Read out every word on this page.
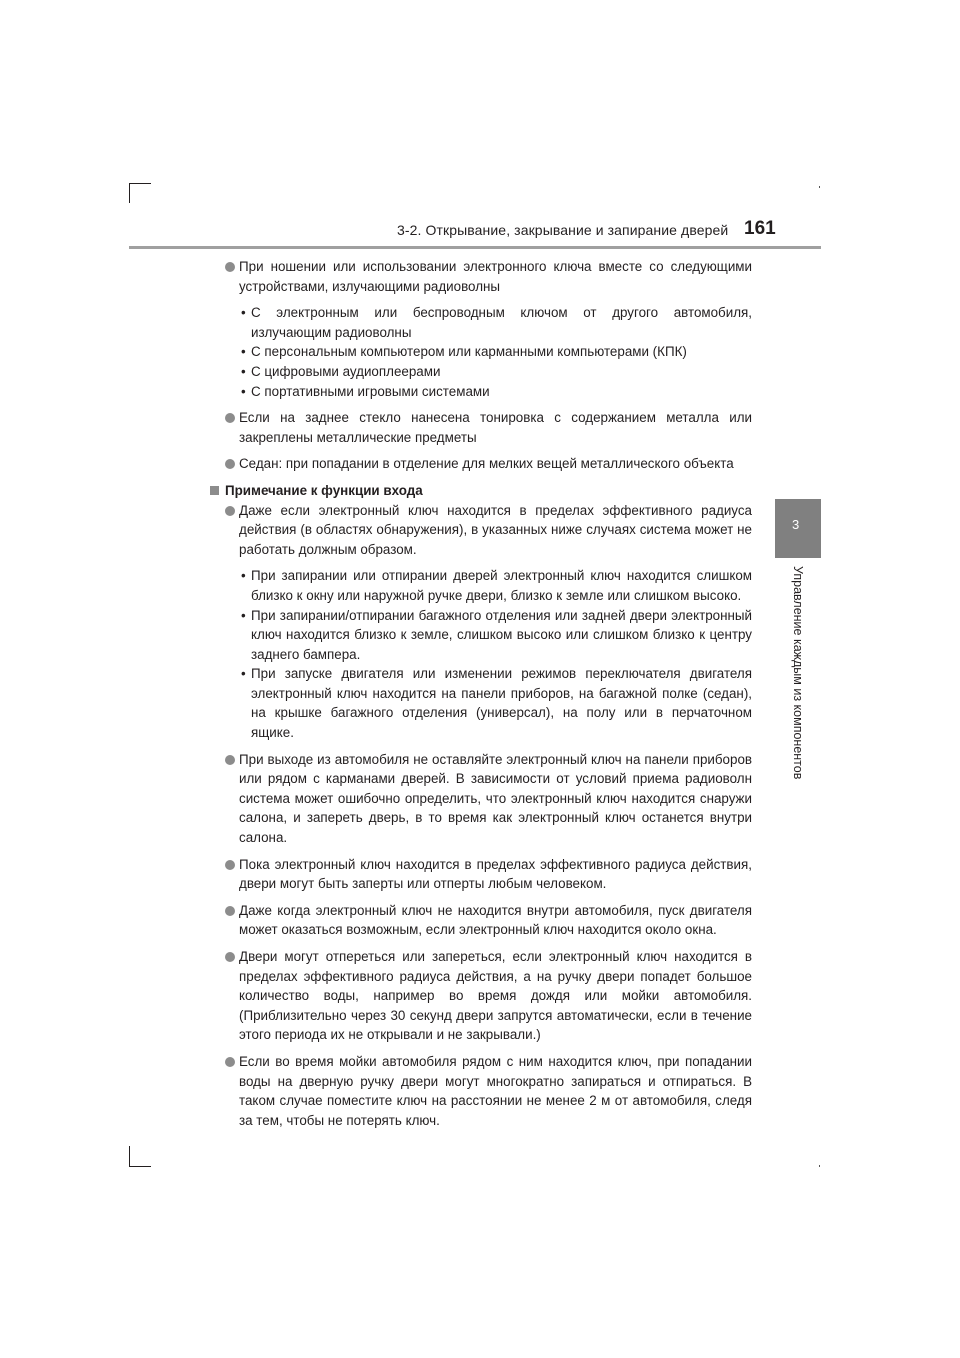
3-2. Открывание, закрывание и запирание дверей 161
3
Управление каждым из компонентов
При ношении или использовании электронного ключа вместе со следующими устройствами, излучающими радиоволны
• С электронным или беспроводным ключом от другого автомобиля, излучающим радиоволны
• С персональным компьютером или карманными компьютерами (КПК)
• С цифровыми аудиоплеерами
• С портативными игровыми системами
Если на заднее стекло нанесена тонировка с содержанием металла или закреплены металлические предметы
Седан: при попадании в отделение для мелких вещей металлического объекта
Примечание к функции входа
Даже если электронный ключ находится в пределах эффективного радиуса действия (в областях обнаружения), в указанных ниже случаях система может не работать должным образом.
• При запирании или отпирании дверей электронный ключ находится слишком близко к окну или наружной ручке двери, близко к земле или слишком высоко.
• При запирании/отпирании багажного отделения или задней двери электронный ключ находится близко к земле, слишком высоко или слишком близко к центру заднего бампера.
• При запуске двигателя или изменении режимов переключателя двигателя электронный ключ находится на панели приборов, на багажной полке (седан), на крышке багажного отделения (универсал), на полу или в перчаточном ящике.
При выходе из автомобиля не оставляйте электронный ключ на панели приборов или рядом с карманами дверей. В зависимости от условий приема радиоволн система может ошибочно определить, что электронный ключ находится снаружи салона, и запереть дверь, в то время как электронный ключ останется внутри салона.
Пока электронный ключ находится в пределах эффективного радиуса действия, двери могут быть заперты или отперты любым человеком.
Даже когда электронный ключ не находится внутри автомобиля, пуск двигателя может оказаться возможным, если электронный ключ находится около окна.
Двери могут отпереться или запереться, если электронный ключ находится в пределах эффективного радиуса действия, а на ручку двери попадет большое количество воды, например во время дождя или мойки автомобиля. (Приблизительно через 30 секунд двери запрутся автоматически, если в течение этого периода их не открывали и не закрывали.)
Если во время мойки автомобиля рядом с ним находится ключ, при попадании воды на дверную ручку двери могут многократно запираться и отпираться. В таком случае поместите ключ на расстоянии не менее 2 м от автомобиля, следя за тем, чтобы не потерять ключ.
